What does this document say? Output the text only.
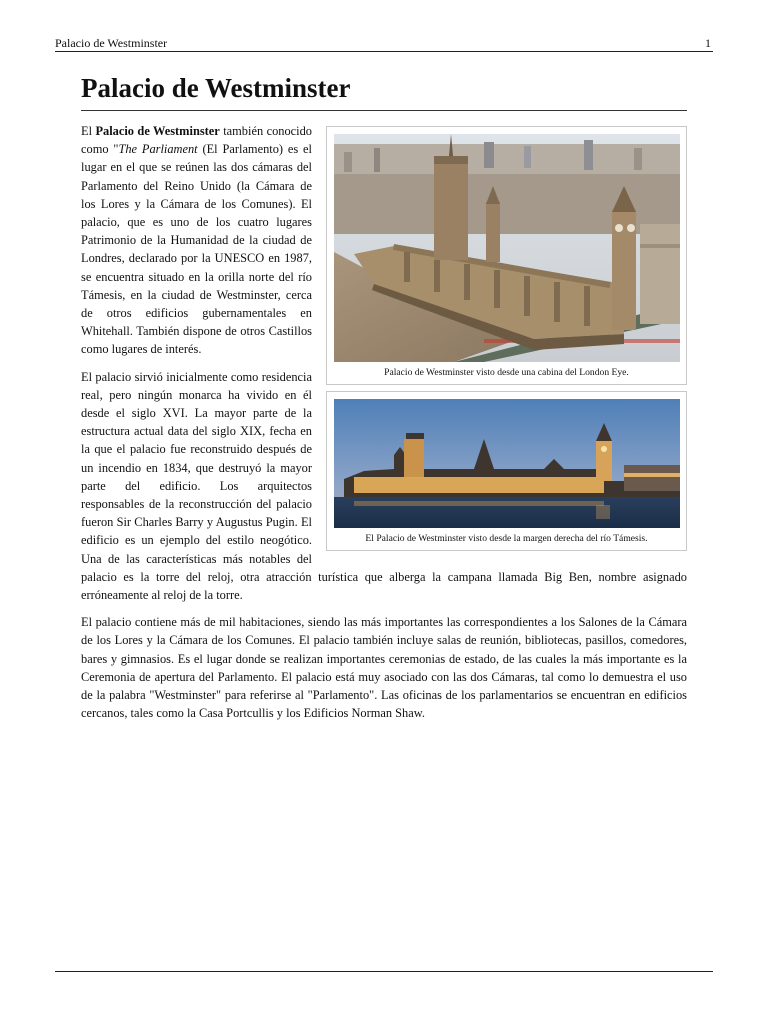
Palacio de Westminster	1
Palacio de Westminster
Palacio de Westminster visto desde una cabina del London Eye.

El Palacio de Westminster también conocido como "The Parliament (El Parlamento) es el lugar en el que se reúnen las dos cámaras del Parlamento del Reino Unido (la Cámara de los Lores y la Cámara de los Comunes). El palacio, que es uno de los cuatro lugares Patrimonio de la Humanidad de la ciudad de Londres, declarado por la UNESCO en 1987, se encuentra situado en la orilla norte del río Támesis, en la ciudad de Westminster, cerca de otros edificios gubernamentales en Whitehall. También dispone de otros Castillos como lugares de interés.

El Palacio de Westminster visto desde la margen derecha del río Támesis.

El palacio sirvió inicialmente como residencia real, pero ningún monarca ha vivido en él desde el siglo XVI. La mayor parte de la estructura actual data del siglo XIX, fecha en la que el palacio fue reconstruido después de un incendio en 1834, que destruyó la mayor parte del edificio. Los arquitectos responsables de la reconstrucción del palacio fueron Sir Charles Barry y Augustus Pugin. El edificio es un ejemplo del estilo neogótico. Una de las características más notables del palacio es la torre del reloj, otra atracción turística que alberga la campana llamada Big Ben, nombre asignado erróneamente al reloj de la torre.

El palacio contiene más de mil habitaciones, siendo las más importantes las correspondientes a los Salones de la Cámara de los Lores y la Cámara de los Comunes. El palacio también incluye salas de reunión, bibliotecas, pasillos, comedores, bares y gimnasios. Es el lugar donde se realizan importantes ceremonias de estado, de las cuales la más importante es la Ceremonia de apertura del Parlamento. El palacio está muy asociado con las dos Cámaras, tal como lo demuestra el uso de la palabra "Westminster" para referirse al "Parlamento". Las oficinas de los parlamentarios se encuentran en edificios cercanos, tales como la Casa Portcullis y los Edificios Norman Shaw.
